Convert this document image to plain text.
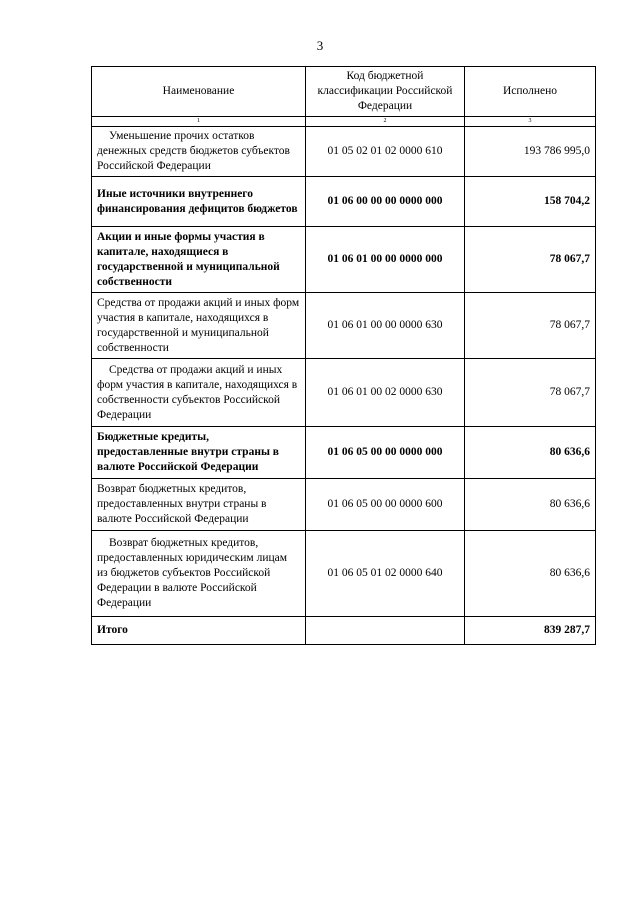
3
Наименование	Код бюджетной классификации Российской Федерации	Исполнено
1	2	3
Уменьшение прочих остатков денежных средств бюджетов субъектов Российской Федерации	01 05 02 01 02 0000 610	193 786 995,0
Иные источники внутреннего финансирования дефицитов бюджетов	01 06 00 00 00 0000 000	158 704,2
Акции и иные формы участия в капитале, находящиеся в государственной и муниципальной собственности	01 06 01 00 00 0000 000	78 067,7
Средства от продажи акций и иных форм участия в капитале, находящихся в государственной и муниципальной собственности	01 06 01 00 00 0000 630	78 067,7
Средства от продажи акций и иных форм участия в капитале, находящихся в собственности субъектов Российской Федерации	01 06 01 00 02 0000 630	78 067,7
Бюджетные кредиты, предоставленные внутри страны в валюте Российской Федерации	01 06 05 00 00 0000 000	80 636,6
Возврат бюджетных кредитов, предоставленных внутри страны в валюте Российской Федерации	01 06 05 00 00 0000 600	80 636,6
Возврат бюджетных кредитов, предоставленных юридическим лицам из бюджетов субъектов Российской Федерации в валюте Российской Федерации	01 06 05 01 02 0000 640	80 636,6
Итого		839 287,7
